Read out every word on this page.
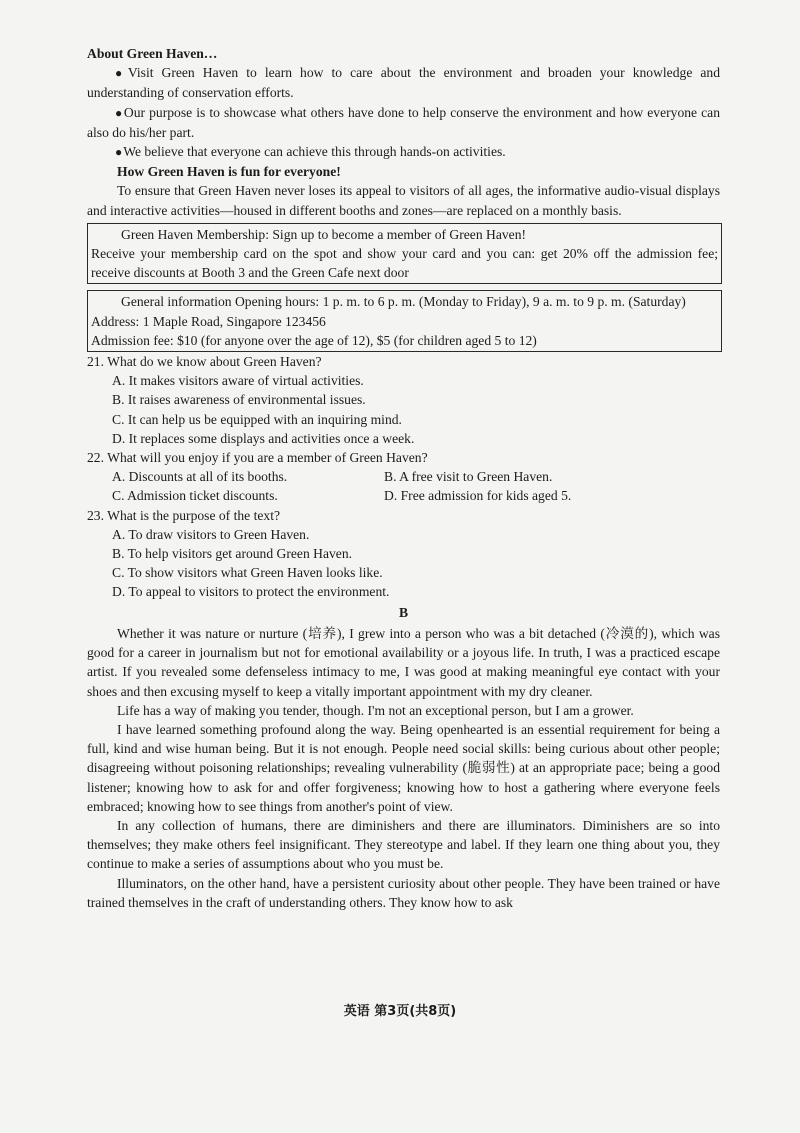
About Green Haven…

● Visit Green Haven to learn how to care about the environment and broaden your knowledge and understanding of conservation efforts.

● Our purpose is to showcase what others have done to help conserve the environment and how everyone can also do his/her part.

● We believe that everyone can achieve this through hands-on activities.

How Green Haven is fun for everyone!

To ensure that Green Haven never loses its appeal to visitors of all ages, the informative audio-visual displays and interactive activities—housed in different booths and zones—are replaced on a monthly basis.

Green Haven Membership: Sign up to become a member of Green Haven!

Receive your membership card on the spot and show your card and you can: get 20% off the admission fee; receive discounts at Booth 3 and the Green Cafe next door

General information Opening hours: 1 p. m. to 6 p. m. (Monday to Friday), 9 a. m. to 9 p. m. (Saturday)

Address: 1 Maple Road, Singapore 123456

Admission fee: $10 (for anyone over the age of 12), $5 (for children aged 5 to 12)

21. What do we know about Green Haven?

A. It makes visitors aware of virtual activities.

B. It raises awareness of environmental issues.

C. It can help us be equipped with an inquiring mind.

D. It replaces some displays and activities once a week.

22. What will you enjoy if you are a member of Green Haven?

A. Discounts at all of its booths.	B. A free visit to Green Haven.
C. Admission ticket discounts.	D. Free admission for kids aged 5.

23. What is the purpose of the text?

A. To draw visitors to Green Haven.

B. To help visitors get around Green Haven.

C. To show visitors what Green Haven looks like.

D. To appeal to visitors to protect the environment.

B

Whether it was nature or nurture (培养), I grew into a person who was a bit detached (冷漠的), which was good for a career in journalism but not for emotional availability or a joyous life. In truth, I was a practiced escape artist. If you revealed some defenseless intimacy to me, I was good at making meaningful eye contact with your shoes and then excusing myself to keep a vitally important appointment with my dry cleaner.

Life has a way of making you tender, though. I'm not an exceptional person, but I am a grower.

I have learned something profound along the way. Being openhearted is an essential requirement for being a full, kind and wise human being. But it is not enough. People need social skills: being curious about other people; disagreeing without poisoning relationships; revealing vulnerability (脆弱性) at an appropriate pace; being a good listener; knowing how to ask for and offer forgiveness; knowing how to host a gathering where everyone feels embraced; knowing how to see things from another's point of view.

In any collection of humans, there are diminishers and there are illuminators. Diminishers are so into themselves; they make others feel insignificant. They stereotype and label. If they learn one thing about you, they continue to make a series of assumptions about who you must be.

Illuminators, on the other hand, have a persistent curiosity about other people. They have been trained or have trained themselves in the craft of understanding others. They know how to ask

英语 第3页(共8页)
